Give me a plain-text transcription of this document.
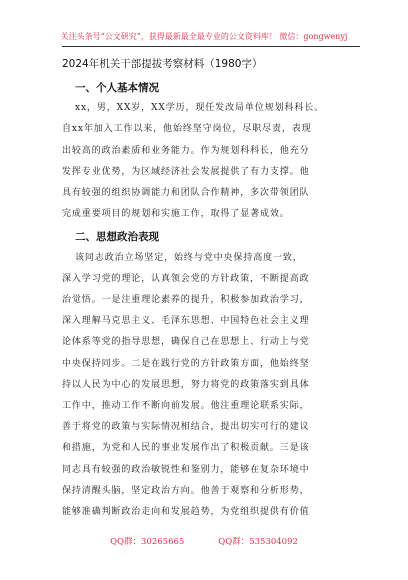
关注头条号“公文研究”，获得最新最全最专业的公文资料库！ 微信：gongwenyj
2024年机关干部提拔考察材料（1980字）
一、个人基本情况
xx，男，XX岁，XX学历，现任发改局单位规划科科长。
自xx年加入工作以来，他始终坚守岗位，尽职尽责，表现
出较高的政治素质和业务能力。作为规划科科长，他充分
发挥专业优势，为区域经济社会发展提供了有力支撑。他
具有较强的组织协调能力和团队合作精神，多次带领团队
完成重要项目的规划和实施工作，取得了显著成效。
二、思想政治表现
该同志政治立场坚定，始终与党中央保持高度一致，
深入学习党的理论，认真领会党的方针政策，不断提高政
治觉悟。一是注重理论素养的提升，积极参加政治学习，
深入理解马克思主义、毛泽东思想、中国特色社会主义理
论体系等党的指导思想，确保自己在思想上、行动上与党
中央保持同步。二是在践行党的方针政策方面，他始终坚
持以人民为中心的发展思想，努力将党的政策落实到具体
工作中，推动工作不断向前发展。他注重理论联系实际，
善于将党的政策与实际情况相结合，提出切实可行的建议
和措施，为党和人民的事业发展作出了积极贡献。三是该
同志具有较强的政治敏锐性和鉴别力，能够在复杂环境中
保持清醒头脑，坚定政治方向。他善于观察和分析形势，
能够准确判断政治走向和发展趋势，为党组织提供有价值
QQ群：30265665	QQ群：535304092
